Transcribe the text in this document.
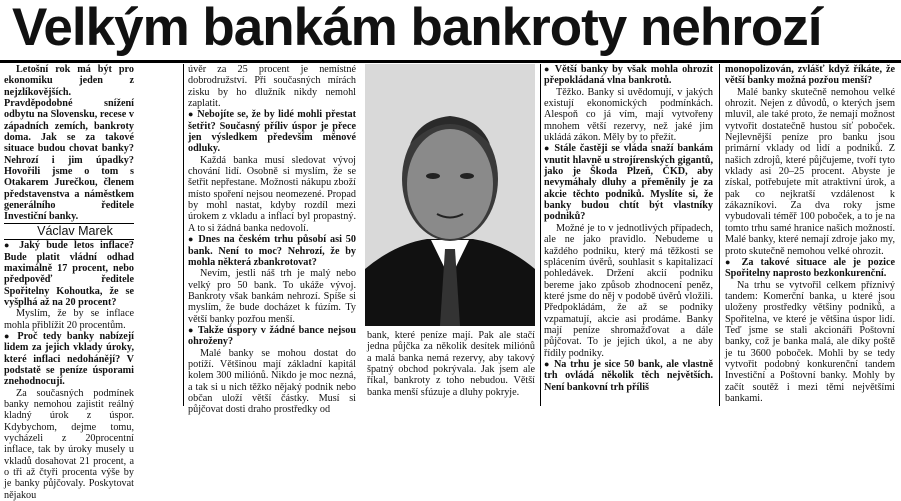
Velkým bankám bankroty nehrozí

Letošní rok má být pro ekonomiku jeden z nejzlíkovějších. Pravděpodobné snížení odbytu na Slovensku, recese v západních zemích, bankroty doma. Jak se za takové situace budou chovat banky? Nehrozí i jim úpadky? Hovořili jsme o tom s Otakarem Jurečkou, členem představenstva a náměstkem generálního ředitele Investiční banky.

Václav Marek

● Jaký bude letos inflace? Bude platit vládní odhad maximálně 17 procent, nebo předpověď ředitele Spořitelny Kohoutka, že se vyšplhá až na 20 procent?

Myslím, že by se inflace mohla přiblížit 20 procentům.

● Proč tedy banky nabízejí lidem za jejich vklady úroky, které inflaci nedohánějí? V podstatě se peníze úsporami znehodnocují.

Za současných podmínek banky nemohou zajistit reálný kladný úrok z úspor. Kdybychom, dejme tomu, vycházeli z 20procentní inflace, tak by úroky musely u vkladů dosahovat 21 procent, a o tři až čtyři procenta výše by je banky půjčovaly. Poskytovat nějakou

úvěr za 25 procent je nemístné dobrodružství. Při současných mírách zisku by ho dlužník nikdy nemohl zaplatit.

● Nebojíte se, že by lidé mohli přestat šetřit? Současný příliv úspor je přece jen výsledkem především měnové odluky.

Každá banka musí sledovat vývoj chování lidí. Osobně si myslím, že se šetřit nepřestane. Možnosti nákupu zboží místo spoření nejsou neomezené. Propad by mohl nastat, kdyby rozdíl mezi úrokem z vkladu a inflací byl propastný. A to si žádná banka nedovolí.

● Dnes na českém trhu působí asi 50 bank. Není to moc? Nehrozí, že by mohla některá zbankrotovat?

Nevím, jestli náš trh je malý nebo velký pro 50 bank. To ukáže vývoj. Bankroty však bankám nehrozí. Spíše si myslím, že bude docházet k fúzím. Ty větší banky pozřou menší.

● Takže úspory v žádné bance nejsou ohroženy?

Malé banky se mohou dostat do potíží. Většinou mají základní kapitál kolem 300 miliónů. Nikdo je moc nezná, a tak si u nich těžko nějaký podnik nebo občan uloží větší částky. Musí si půjčovat dosti draho prostředky od

bank, které peníze mají. Pak ale stačí jedna půjčka za několik desítek miliónů a malá banka nemá rezervy, aby takový špatný obchod pokrývala. Jak jsem ale říkal, bankroty z toho nebudou. Větší banka menší sfúzuje a dluhy pokryje.

● Větší banky by však mohla ohrozit přepokládaná vlna bankrotů.

Těžko. Banky si uvědomují, v jakých existují ekonomických podmínkách. Alespoň co já vím, mají vytvořeny mnohem větší rezervy, než jaké jim ukládá zákon. Měly by to přežít.

● Stále častěji se vláda snaží bankám vnutit hlavně u strojírenských gigantů, jako je Škoda Plzeň, ČKD, aby nevymáhaly dluhy a přeměnily je za akcie těchto podniků. Myslíte si, že banky budou chtít být vlastníky podniků?

Možné je to v jednotlivých případech, ale ne jako pravidlo. Nebudeme u každého podniku, který má těžkosti se splácením úvěrů, souhlasit s kapitalizací pohledávek. Držení akcií podniku bereme jako způsob zhodnocení peněz, které jsme do něj v podobě úvěrů vložili. Předpokládám, že až se podniky vzpamatují, akcie asi prodáme. Banky mají peníze shromažďovat a dále půjčovat. To je jejich úkol, a ne aby řídily podniky.

● Na trhu je sice 50 bank, ale vlastně trh ovládá několik těch největších. Není bankovní trh příliš

monopolizován, zvlášť když říkáte, že větší banky možná pozřou menší?

Malé banky skutečně nemohou velké ohrozit. Nejen z důvodů, o kterých jsem mluvil, ale také proto, že nemají možnost vytvořit dostatečně hustou síť poboček. Nejlevnější peníze pro banku jsou primární vklady od lidí a podniků. Z našich zdrojů, které půjčujeme, tvoří tyto vklady asi 20–25 procent. Abyste je získal, potřebujete mít atraktivní úrok, a pak co nejkratší vzdálenost k zákazníkovi. Za dva roky jsme vybudovali téměř 100 poboček, a to je na tomto trhu samé hranice našich možností. Malé banky, které nemají zdroje jako my, proto skutečně nemohou velké ohrozit.

● Za takové situace ale je pozice Spořitelny naprosto bezkonkurenční.

Na trhu se vytvořil celkem příznivý tandem: Komerční banka, u které jsou uloženy prostředky většiny podniků, a Spořitelna, ve které je většina úspor lidí. Teď jsme se stali akcionáři Poštovní banky, což je banka malá, ale díky poště je tu 3600 poboček. Mohli by se tedy vytvořit podobný konkurenční tandem Investiční a Poštovní banky. Mohly by začít soutěž i mezi těmi největšími bankami.
